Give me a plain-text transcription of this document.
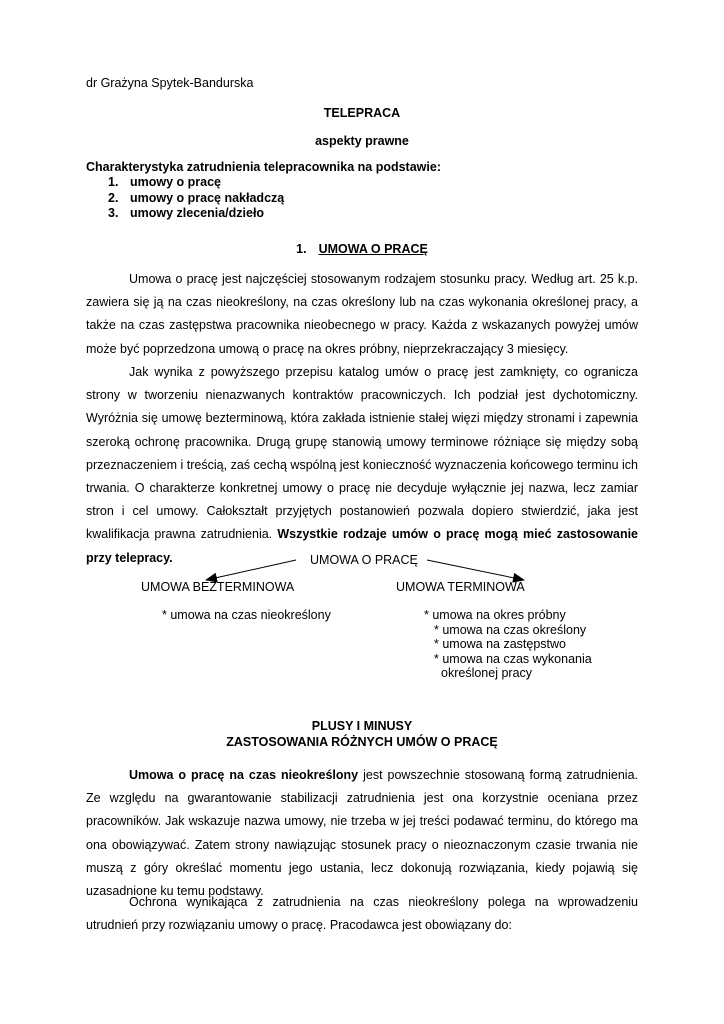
dr Grażyna Spytek-Bandurska
TELEPRACA
aspekty prawne
Charakterystyka zatrudnienia telepracownika na podstawie:
1. umowy o pracę
2. umowy o pracę nakładczą
3. umowy zlecenia/dzieło
1. UMOWA O PRACĘ

Umowa o pracę jest najczęściej stosowanym rodzajem stosunku pracy. Według art. 25 k.p. zawiera się ją na czas nieokreślony, na czas określony lub na czas wykonania określonej pracy, a także na czas zastępstwa pracownika nieobecnego w pracy. Każda z wskazanych powyżej umów może być poprzedzona umową o pracę na okres próbny, nieprzekraczający 3 miesięcy.

Jak wynika z powyższego przepisu katalog umów o pracę jest zamknięty, co ogranicza strony w tworzeniu nienazwanych kontraktów pracowniczych. Ich podział jest dychotomiczny. Wyróżnia się umowę bezterminową, która zakłada istnienie stałej więzi między stronami i zapewnia szeroką ochronę pracownika. Drugą grupę stanowią umowy terminowe różniące się między sobą przeznaczeniem i treścią, zaś cechą wspólną jest konieczność wyznaczenia końcowego terminu ich trwania. O charakterze konkretnej umowy o pracę nie decyduje wyłącznie jej nazwa, lecz zamiar stron i cel umowy. Całokształt przyjętych postanowień pozwala dopiero stwierdzić, jaka jest kwalifikacja prawna zatrudnienia. Wszystkie rodzaje umów o pracę mogą mieć zastosowanie przy telepracy.	UMOWA O PRACĘ
UMOWA BEZTERMINOWA	UMOWA TERMINOWA
* umowa na czas nieokreślony	* umowa na okres próbny
* umowa na czas określony
* umowa na zastępstwo
* umowa na czas wykonania
określonej pracy
PLUSY I MINUSY
ZASTOSOWANIA RÓŻNYCH UMÓW O PRACĘ

Umowa o pracę na czas nieokreślony jest powszechnie stosowaną formą zatrudnienia. Ze względu na gwarantowanie stabilizacji zatrudnienia jest ona korzystnie oceniana przez pracowników. Jak wskazuje nazwa umowy, nie trzeba w jej treści podawać terminu, do którego ma ona obowiązywać. Zatem strony nawiązując stosunek pracy o nieoznaczonym czasie trwania nie muszą z góry określać momentu jego ustania, lecz dokonują rozwiązania, kiedy pojawią się uzasadnione ku temu podstawy.

Ochrona wynikająca z zatrudnienia na czas nieokreślony polega na wprowadzeniu utrudnień przy rozwiązaniu umowy o pracę. Pracodawca jest obowiązany do:
